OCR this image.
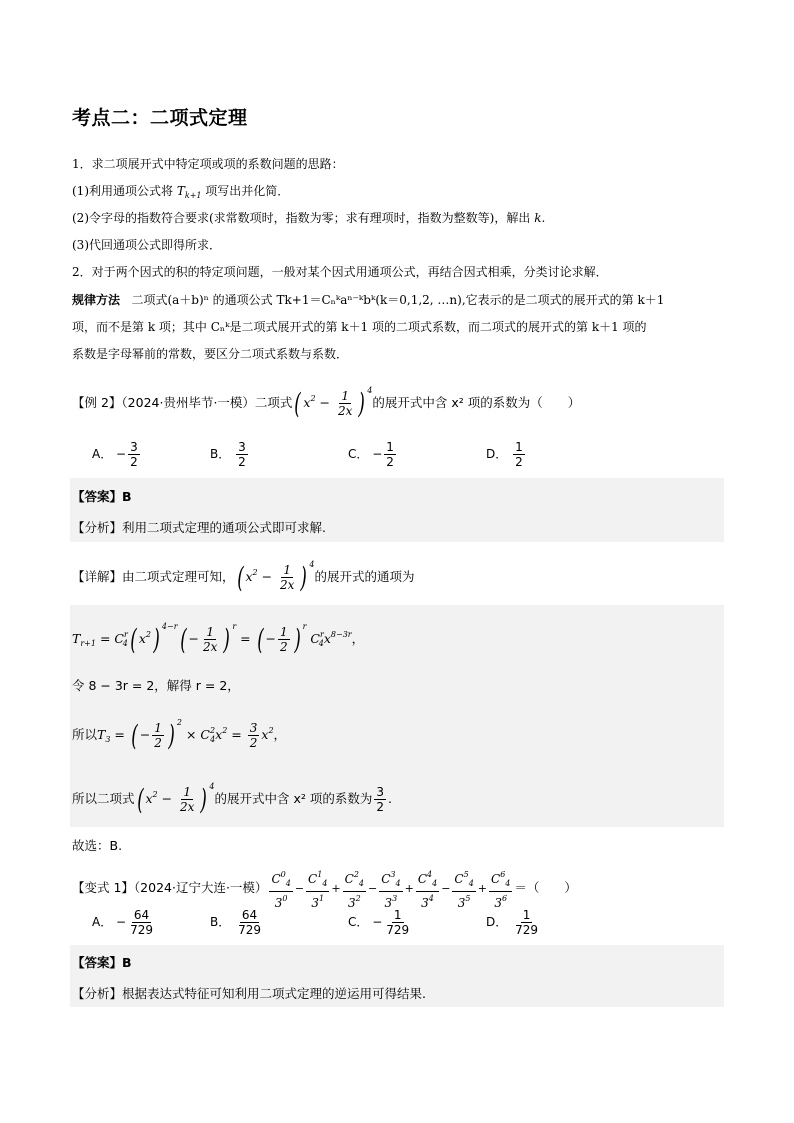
考点二：二项式定理
1．求二项展开式中特定项或项的系数问题的思路：
(1)利用通项公式将 $T_{k+1}$ 项写出并化简．
(2)令字母的指数符合要求(求常数项时，指数为零；求有理项时，指数为整数等)，解出 k.
(3)代回通项公式即得所求．
2．对于两个因式的积的特定项问题，一般对某个因式用通项公式，再结合因式相乘，分类讨论求解．
规律方法 二项式(a＋b)ⁿ 的通项公式 Tk+1＝Cₙᵏaⁿ⁻ᵏbᵏ(k＝0,1,2, …n),它表示的是二项式的展开式的第 k＋1
项，而不是第 k 项；其中 Cₙᵏ是二项式展开式的第 k＋1 项的二项式系数，而二项式的展开式的第 k＋1 项的
系数是字母幂前的常数，要区分二项式系数与系数．
【例 2】（2024·贵州毕节·一模）二项式( $x^2 - \frac{1}{2x}$ ) $^4$的展开式中含 x² 项的系数为（　　）
A． − $\frac{3}{2}$	B． $\frac{3}{2}$	C． − $\frac{1}{2}$	D． $\frac{1}{2}$
【答案】B
【分析】利用二项式定理的通项公式即可求解.
【详解】由二项式定理可知，( $x^2 - \frac{1}{2x}$ ) $^4$的展开式的通项为
$T_{r+1} = C^r_4$( $x^2$) $^{4-r}( - \frac{1}{2x}$ ) $^r$ = ( − $\frac{1}{2}$ ) $^r$ $C^r_4x^{8-3r}$，
令 8 − 3r = 2，解得 r = 2，
所以$T_3$ = ( − $\frac{1}{2}$ ) $^2 \times C^2_4x^2 = \frac{3}{2} x^2$，
所以二项式( $x^2 - \frac{1}{2x}$ ) $^4$的展开式中含 x² 项的系数为 $\frac{3}{2}$ .
故选：B.
【变式 1】（2024·辽宁大连·一模） $\frac{C^0_4}{3^0} - \frac{C^1_4}{3^1} + \frac{C^2_4}{3^2} - \frac{C^3_4}{3^3} + \frac{C^4_4}{3^4} - \frac{C^5_4}{3^5} + \frac{C^6_4}{3^6}$ ＝（　　）
A． − $\frac{64}{729}$	B． $\frac{64}{729}$	C． − $\frac{1}{729}$	D． $\frac{1}{729}$
【答案】B
【分析】根据表达式特征可知利用二项式定理的逆运用可得结果.
